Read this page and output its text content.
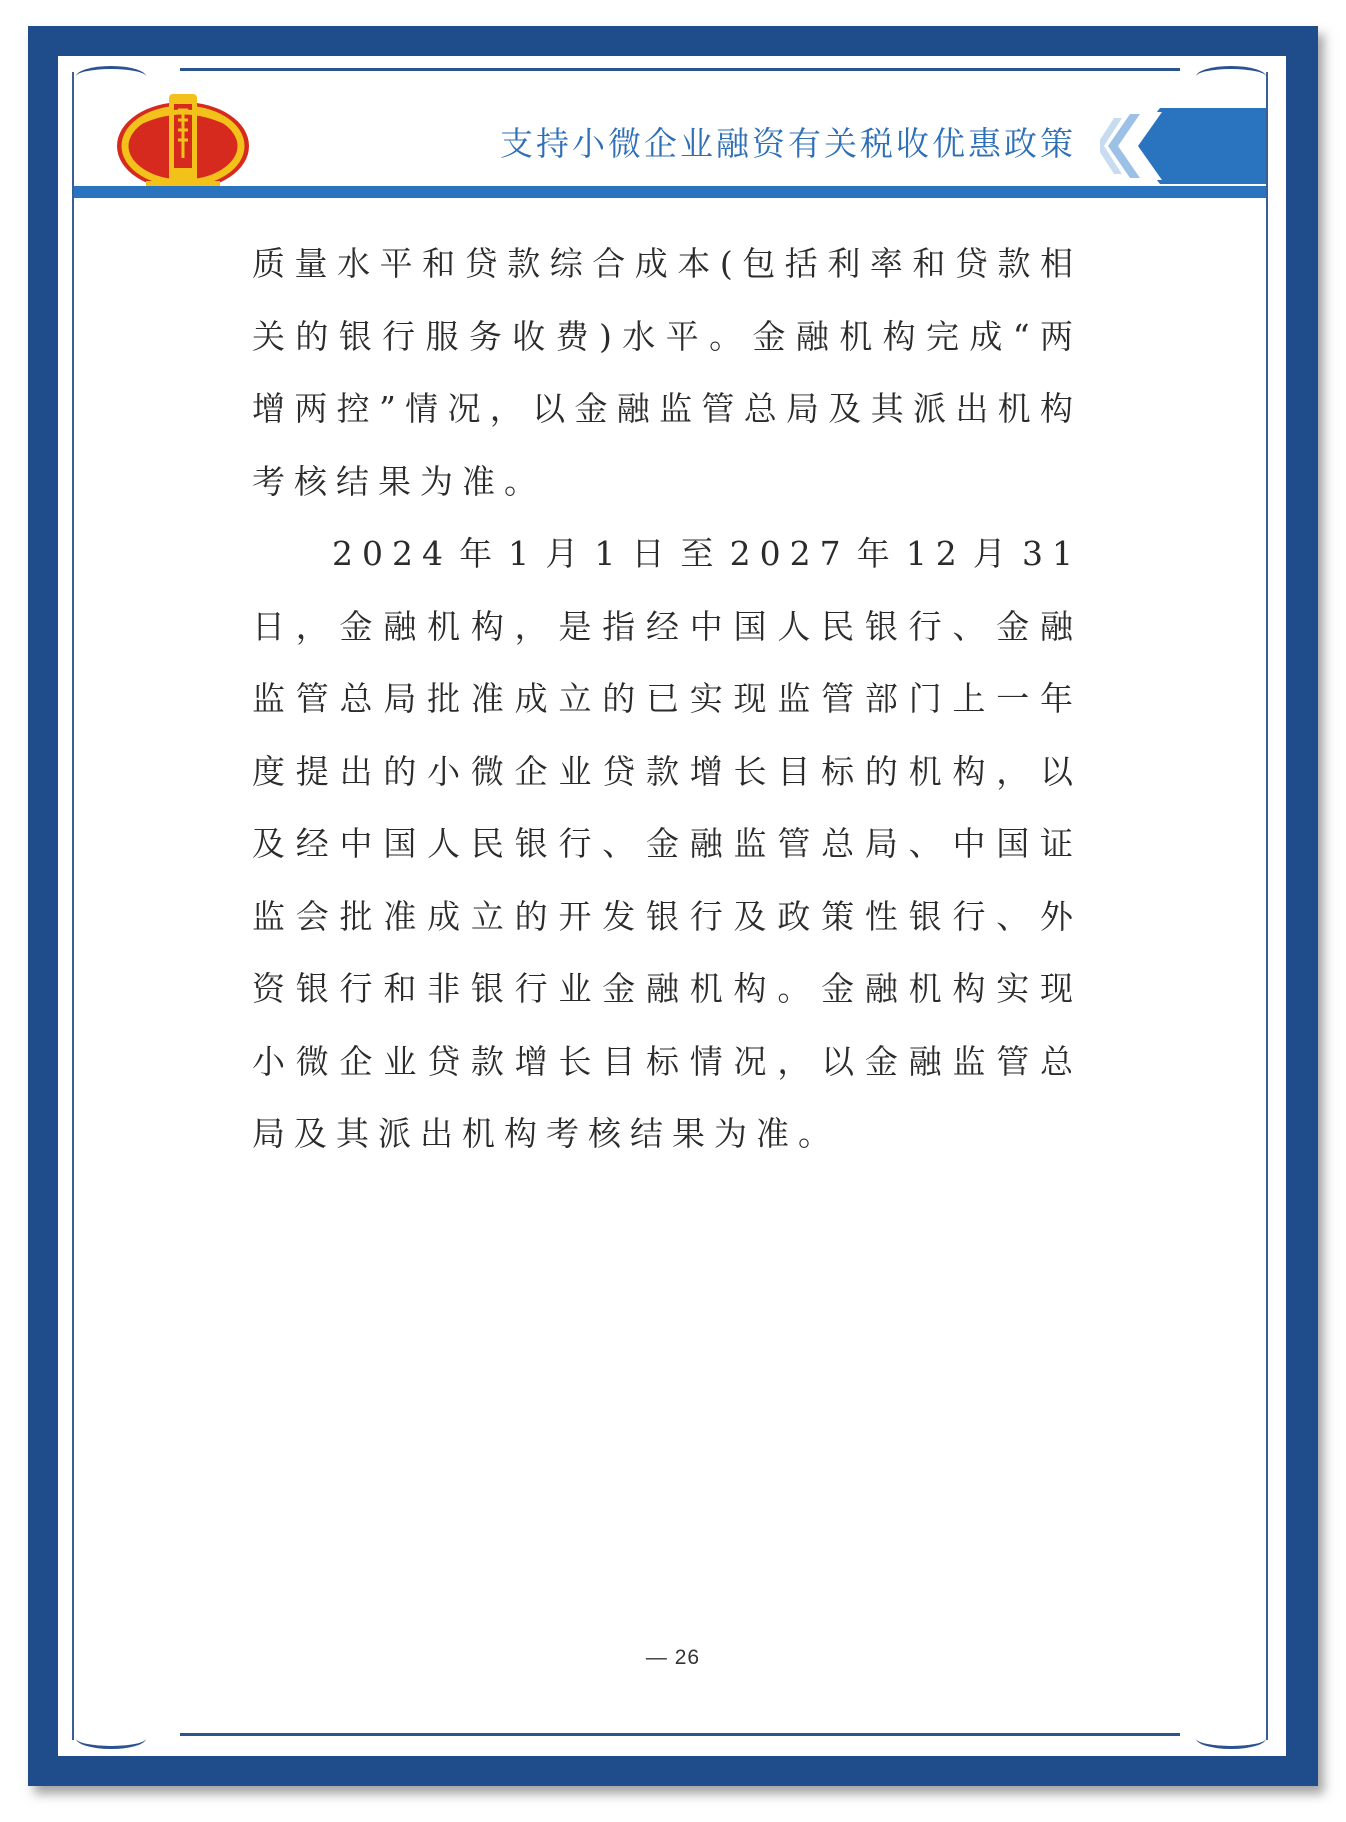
支持小微企业融资有关税收优惠政策

质量水平和贷款综合成本(包括利率和贷款相关的银行服务收费)水平。金融机构完成“两增两控”情况，以金融监管总局及其派出机构考核结果为准。

2024年1月1日至2027年12月31日，金融机构，是指经中国人民银行、金融监管总局批准成立的已实现监管部门上一年度提出的小微企业贷款增长目标的机构，以及经中国人民银行、金融监管总局、中国证监会批准成立的开发银行及政策性银行、外资银行和非银行业金融机构。金融机构实现小微企业贷款增长目标情况，以金融监管总局及其派出机构考核结果为准。

— 26
